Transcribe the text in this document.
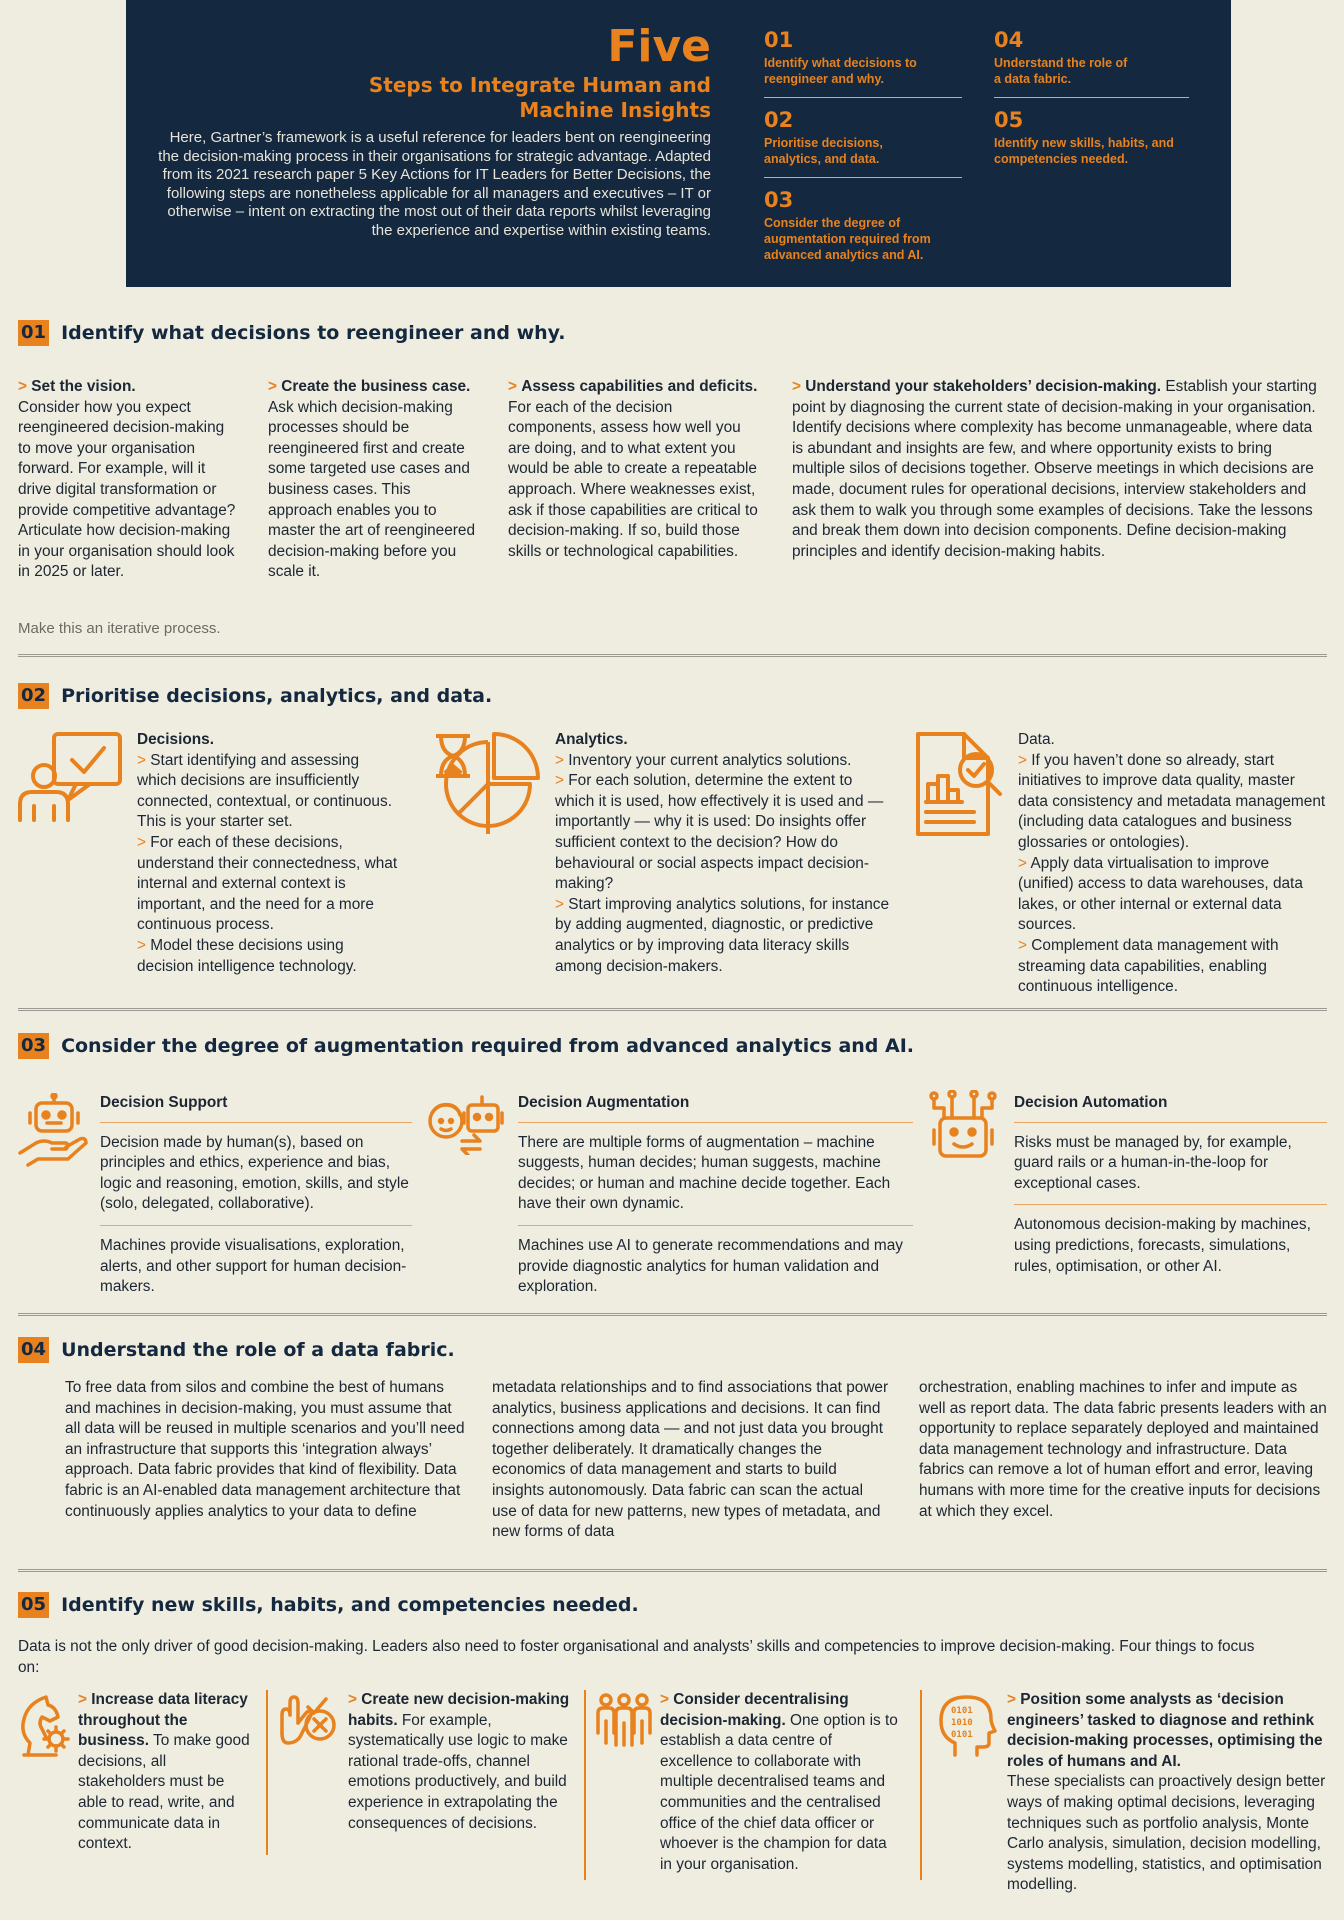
Five
Steps to Integrate Human and Machine Insights
Here, Gartner’s framework is a useful reference for leaders bent on reengineering the decision-making process in their organisations for strategic advantage. Adapted from its 2021 research paper 5 Key Actions for IT Leaders for Better Decisions, the following steps are nonetheless applicable for all managers and executives – IT or otherwise – intent on extracting the most out of their data reports whilst leveraging the experience and expertise within existing teams.
01
Identify what decisions to reengineer and why.
02
Prioritise decisions, analytics, and data.
03
Consider the degree of augmentation required from advanced analytics and AI.
04
Understand the role of a data fabric.
05
Identify new skills, habits, and competencies needed.
01 Identify what decisions to reengineer and why.
> Set the vision.
Consider how you expect reengineered decision-making to move your organisation forward. For example, will it drive digital transformation or provide competitive advantage? Articulate how decision-making in your organisation should look in 2025 or later.
> Create the business case. Ask which decision-making processes should be reengineered first and create some targeted use cases and business cases. This approach enables you to master the art of reengineered decision-making before you scale it.
> Assess capabilities and deficits. For each of the decision components, assess how well you are doing, and to what extent you would be able to create a repeatable approach. Where weaknesses exist, ask if those capabilities are critical to decision-making. If so, build those skills or technological capabilities.
> Understand your stakeholders’ decision-making. Establish your starting point by diagnosing the current state of decision-making in your organisation. Identify decisions where complexity has become unmanageable, where data is abundant and insights are few, and where opportunity exists to bring multiple silos of decisions together. Observe meetings in which decisions are made, document rules for operational decisions, interview stakeholders and ask them to walk you through some examples of decisions. Take the lessons and break them down into decision components. Define decision-making principles and identify decision-making habits.
Make this an iterative process.
02 Prioritise decisions, analytics, and data.
Decisions.
> Start identifying and assessing which decisions are insufficiently connected, contextual, or continuous. This is your starter set.
> For each of these decisions, understand their connectedness, what internal and external context is important, and the need for a more continuous process.
> Model these decisions using decision intelligence technology.
Analytics.
> Inventory your current analytics solutions.
> For each solution, determine the extent to which it is used, how effectively it is used and — importantly — why it is used: Do insights offer sufficient context to the decision? How do behavioural or social aspects impact decision-making?
> Start improving analytics solutions, for instance by adding augmented, diagnostic, or predictive analytics or by improving data literacy skills among decision-makers.
Data.
> If you haven’t done so already, start initiatives to improve data quality, master data consistency and metadata management (including data catalogues and business glossaries or ontologies).
> Apply data virtualisation to improve (unified) access to data warehouses, data lakes, or other internal or external data sources.
> Complement data management with streaming data capabilities, enabling continuous intelligence.
03 Consider the degree of augmentation required from advanced analytics and AI.
Decision Support
Decision made by human(s), based on principles and ethics, experience and bias, logic and reasoning, emotion, skills, and style (solo, delegated, collaborative).
Machines provide visualisations, exploration, alerts, and other support for human decision-makers.
Decision Augmentation
There are multiple forms of augmentation – machine suggests, human decides; human suggests, machine decides; or human and machine decide together. Each have their own dynamic.
Machines use AI to generate recommendations and may provide diagnostic analytics for human validation and exploration.
Decision Automation
Risks must be managed by, for example, guard rails or a human-in-the-loop for exceptional cases.
Autonomous decision-making by machines, using predictions, forecasts, simulations, rules, optimisation, or other AI.
04 Understand the role of a data fabric.
To free data from silos and combine the best of humans and machines in decision-making, you must assume that all data will be reused in multiple scenarios and you’ll need an infrastructure that supports this ‘integration always’ approach. Data fabric provides that kind of flexibility. Data fabric is an AI-enabled data management architecture that continuously applies analytics to your data to define
metadata relationships and to find associations that power analytics, business applications and decisions. It can find connections among data — and not just data you brought together deliberately. It dramatically changes the economics of data management and starts to build insights autonomously. Data fabric can scan the actual use of data for new patterns, new types of metadata, and new forms of data
orchestration, enabling machines to infer and impute as well as report data. The data fabric presents leaders with an opportunity to replace separately deployed and maintained data management technology and infrastructure. Data fabrics can remove a lot of human effort and error, leaving humans with more time for the creative inputs for decisions at which they excel.
05 Identify new skills, habits, and competencies needed.
Data is not the only driver of good decision-making. Leaders also need to foster organisational and analysts’ skills and competencies to improve decision-making. Four things to focus on:
> Increase data literacy throughout the business. To make good decisions, all stakeholders must be able to read, write, and communicate data in context.
> Create new decision-making habits. For example, systematically use logic to make rational trade-offs, channel emotions productively, and build experience in extrapolating the consequences of decisions.
> Consider decentralising decision-making. One option is to establish a data centre of excellence to collaborate with multiple decentralised teams and communities and the centralised office of the chief data officer or whoever is the champion for data in your organisation.
0101
1010
0101
> Position some analysts as ‘decision engineers’ tasked to diagnose and rethink decision-making processes, optimising the roles of humans and AI.
These specialists can proactively design better ways of making optimal decisions, leveraging techniques such as portfolio analysis, Monte Carlo analysis, simulation, decision modelling, systems modelling, statistics, and optimisation modelling.
